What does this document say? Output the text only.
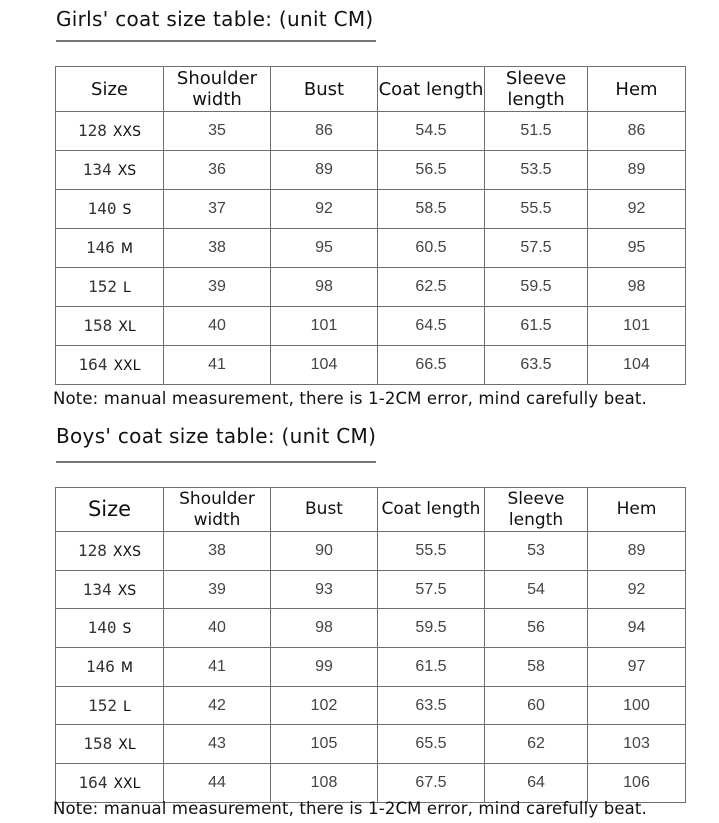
Girls' coat size table: (unit CM)
Size	Shoulder width	Bust	Coat length	Sleeve length	Hem
128 XXS	35	86	54.5	51.5	86
134 XS	36	89	56.5	53.5	89
140 S	37	92	58.5	55.5	92
146 M	38	95	60.5	57.5	95
152 L	39	98	62.5	59.5	98
158 XL	40	101	64.5	61.5	101
164 XXL	41	104	66.5	63.5	104
Note: manual measurement, there is 1-2CM error, mind carefully beat.
Boys' coat size table: (unit CM)
Size	Shoulder width	Bust	Coat length	Sleeve length	Hem
128 XXS	38	90	55.5	53	89
134 XS	39	93	57.5	54	92
140 S	40	98	59.5	56	94
146 M	41	99	61.5	58	97
152 L	42	102	63.5	60	100
158 XL	43	105	65.5	62	103
164 XXL	44	108	67.5	64	106
Note: manual measurement, there is 1-2CM error, mind carefully beat.
